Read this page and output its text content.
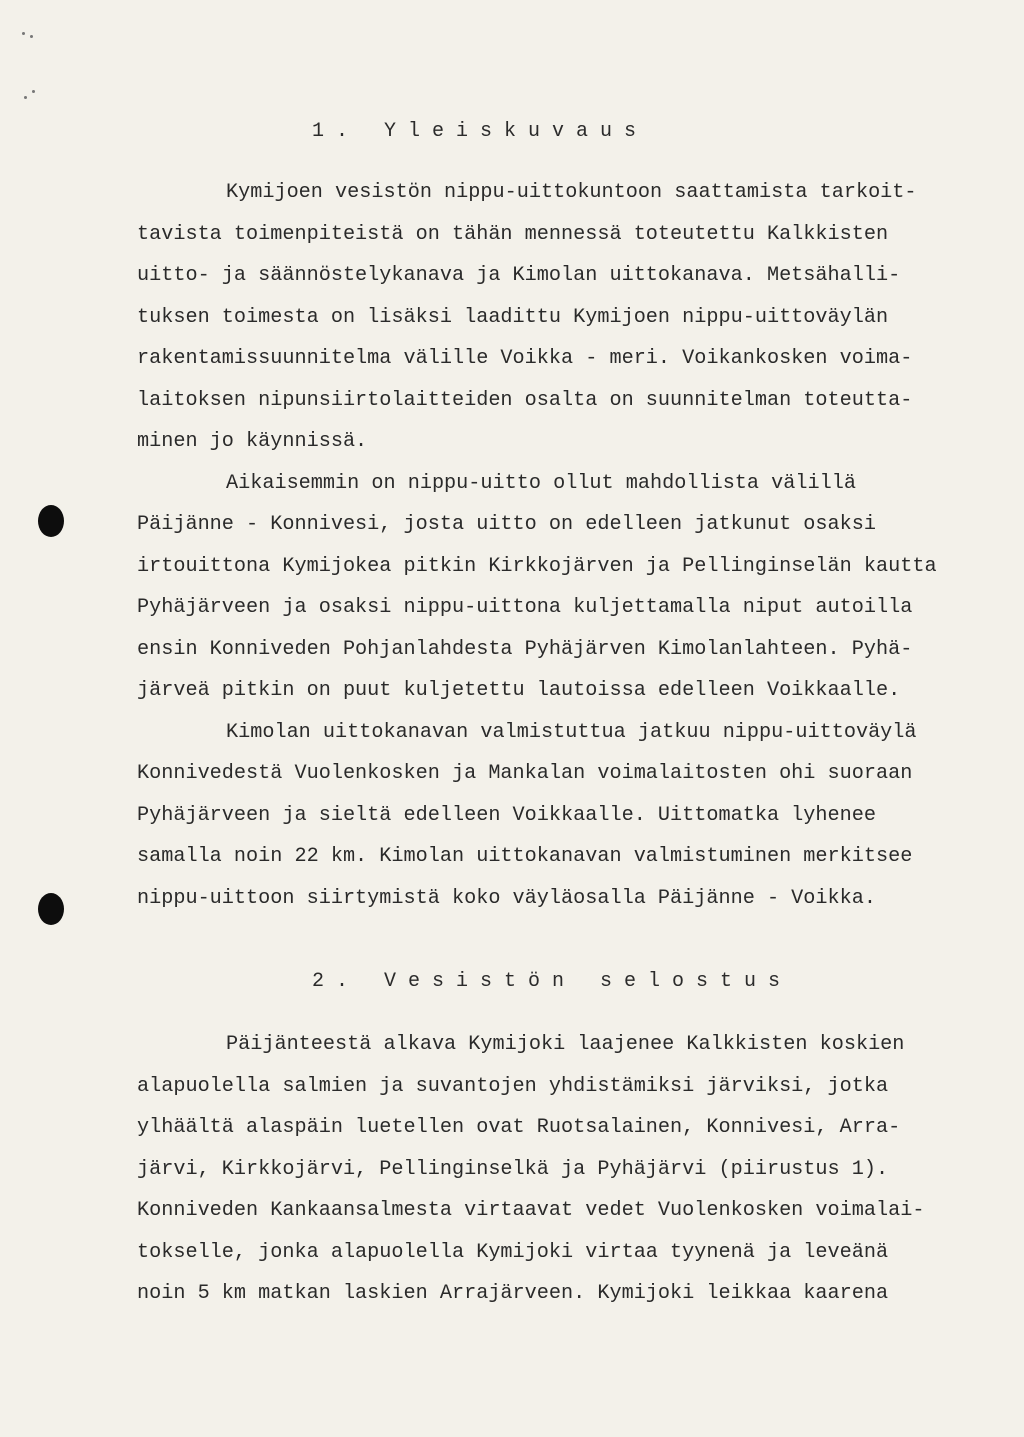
1. Yleiskuvaus
Kymijoen vesistön nippu-uittokuntoon saattamista tarkoit-
tavista toimenpiteistä on tähän mennessä toteutettu Kalkkisten
uitto- ja säännöstelykanava ja Kimolan uittokanava. Metsähalli-
tuksen toimesta on lisäksi laadittu Kymijoen nippu-uittoväylän
rakentamissuunnitelma välille Voikka - meri. Voikankosken voima-
laitoksen nipunsiirtolaitteiden osalta on suunnitelman toteutta-
minen jo käynnissä.
Aikaisemmin on nippu-uitto ollut mahdollista välillä
Päijänne - Konnivesi, josta uitto on edelleen jatkunut osaksi
irtouittona Kymijokea pitkin Kirkkojärven ja Pellinginselän kautta
Pyhäjärveen ja osaksi nippu-uittona kuljettamalla niput autoilla
ensin Konniveden Pohjanlahdesta Pyhäjärven Kimolanlahteen. Pyhä-
järveä pitkin on puut kuljetettu lautoissa edelleen Voikkaalle.
Kimolan uittokanavan valmistuttua jatkuu nippu-uittoväylä
Konnivedestä Vuolenkosken ja Mankalan voimalaitosten ohi suoraan
Pyhäjärveen ja sieltä edelleen Voikkaalle. Uittomatka lyhenee
samalla noin 22 km. Kimolan uittokanavan valmistuminen merkitsee
nippu-uittoon siirtymistä koko väyläosalla Päijänne - Voikka.
2. Vesistön selostus
Päijänteestä alkava Kymijoki laajenee Kalkkisten koskien
alapuolella salmien ja suvantojen yhdistämiksi järviksi, jotka
ylhäältä alaspäin luetellen ovat Ruotsalainen, Konnivesi, Arra-
järvi, Kirkkojärvi, Pellinginselkä ja Pyhäjärvi (piirustus 1).
Konniveden Kankaansalmesta virtaavat vedet Vuolenkosken voimalai-
tokselle, jonka alapuolella Kymijoki virtaa tyynenä ja leveänä
noin 5 km matkan laskien Arrajärveen. Kymijoki leikkaa kaarena
